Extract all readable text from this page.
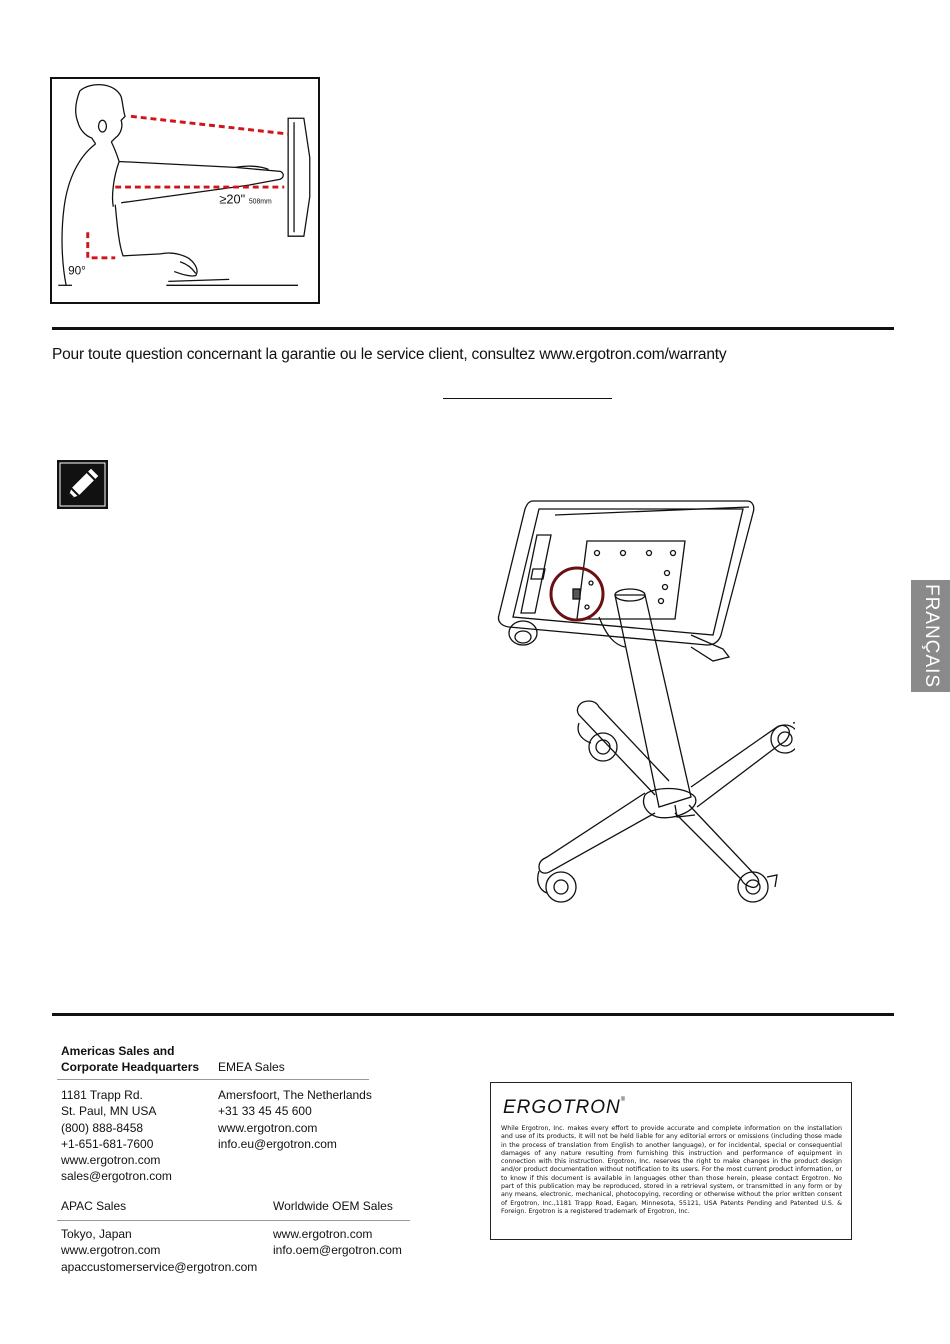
≥20" 508mm
90°
Pour toute question concernant la garantie ou le service client, consultez www.ergotron.com/warranty
FRANÇAIS
Americas Sales and
Corporate Headquarters EMEA Sales
1181 Trapp Rd.
St. Paul, MN USA
(800) 888-8458
+1-651-681-7600
www.ergotron.com
sales@ergotron.com
Amersfoort, The Netherlands
+31 33 45 45 600
www.ergotron.com
info.eu@ergotron.com
APAC Sales	Worldwide OEM Sales
Tokyo, Japan
www.ergotron.com
apaccustomerservice@ergotron.com
www.ergotron.com
info.oem@ergotron.com
ERGOTRON®
While Ergotron, Inc. makes every effort to provide accurate and complete information on the installation and use of its products, it will not be held liable for any editorial errors or omissions (including those made in the process of translation from English to another language), or for incidental, special or consequential damages of any nature resulting from furnishing this instruction and performance of equipment in connection with this instruction. Ergotron, Inc. reserves the right to make changes in the product design and/or product documentation without notification to its users. For the most current product information, or to know if this document is available in languages other than those herein, please contact Ergotron. No part of this publication may be reproduced, stored in a retrieval system, or transmitted in any form or by any means, electronic, mechanical, photocopying, recording or otherwise without the prior written consent of Ergotron, Inc.,1181 Trapp Road, Eagan, Minnesota, 55121, USA Patents Pending and Patented U.S. & Foreign. Ergotron is a registered trademark of Ergotron, Inc.
